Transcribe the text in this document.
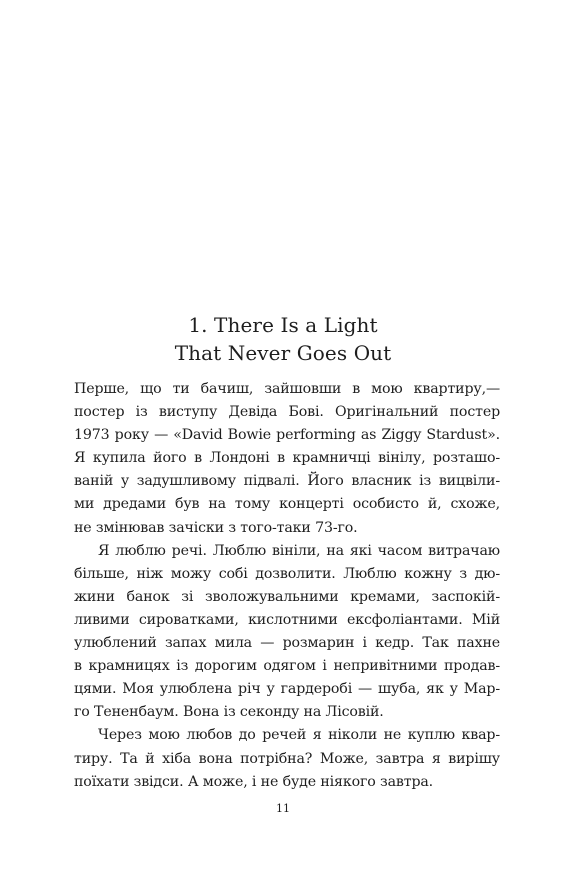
1. There Is a Light
That Never Goes Out
Перше, що ти бачиш, зайшовши в мою квартиру,—
постер із виступу Девіда Бові. Оригінальний постер
1973 року — «David Bowie performing as Ziggy Stardust».
Я купила його в Лондоні в крамничці вінілу, розташо-
ваній у задушливому підвалі. Його власник із вицвіли-
ми дредами був на тому концерті особисто й, схоже,
не змінював зачіски з того-таки 73-го.
Я люблю речі. Люблю вініли, на які часом витрачаю
більше, ніж можу собі дозволити. Люблю кожну з дю-
жини банок зі зволожувальними кремами, заспокій-
ливими сироватками, кислотними ексфоліантами. Мій
улюблений запах мила — розмарин і кедр. Так пахне
в крамницях із дорогим одягом і непривітними продав-
цями. Моя улюблена річ у гардеробі — шуба, як у Мар-
го Тененбаум. Вона із секонду на Лісовій.
Через мою любов до речей я ніколи не куплю квар-
тиру. Та й хіба вона потрібна? Може, завтра я вирішу
поїхати звідси. А може, і не буде ніякого завтра.
11
